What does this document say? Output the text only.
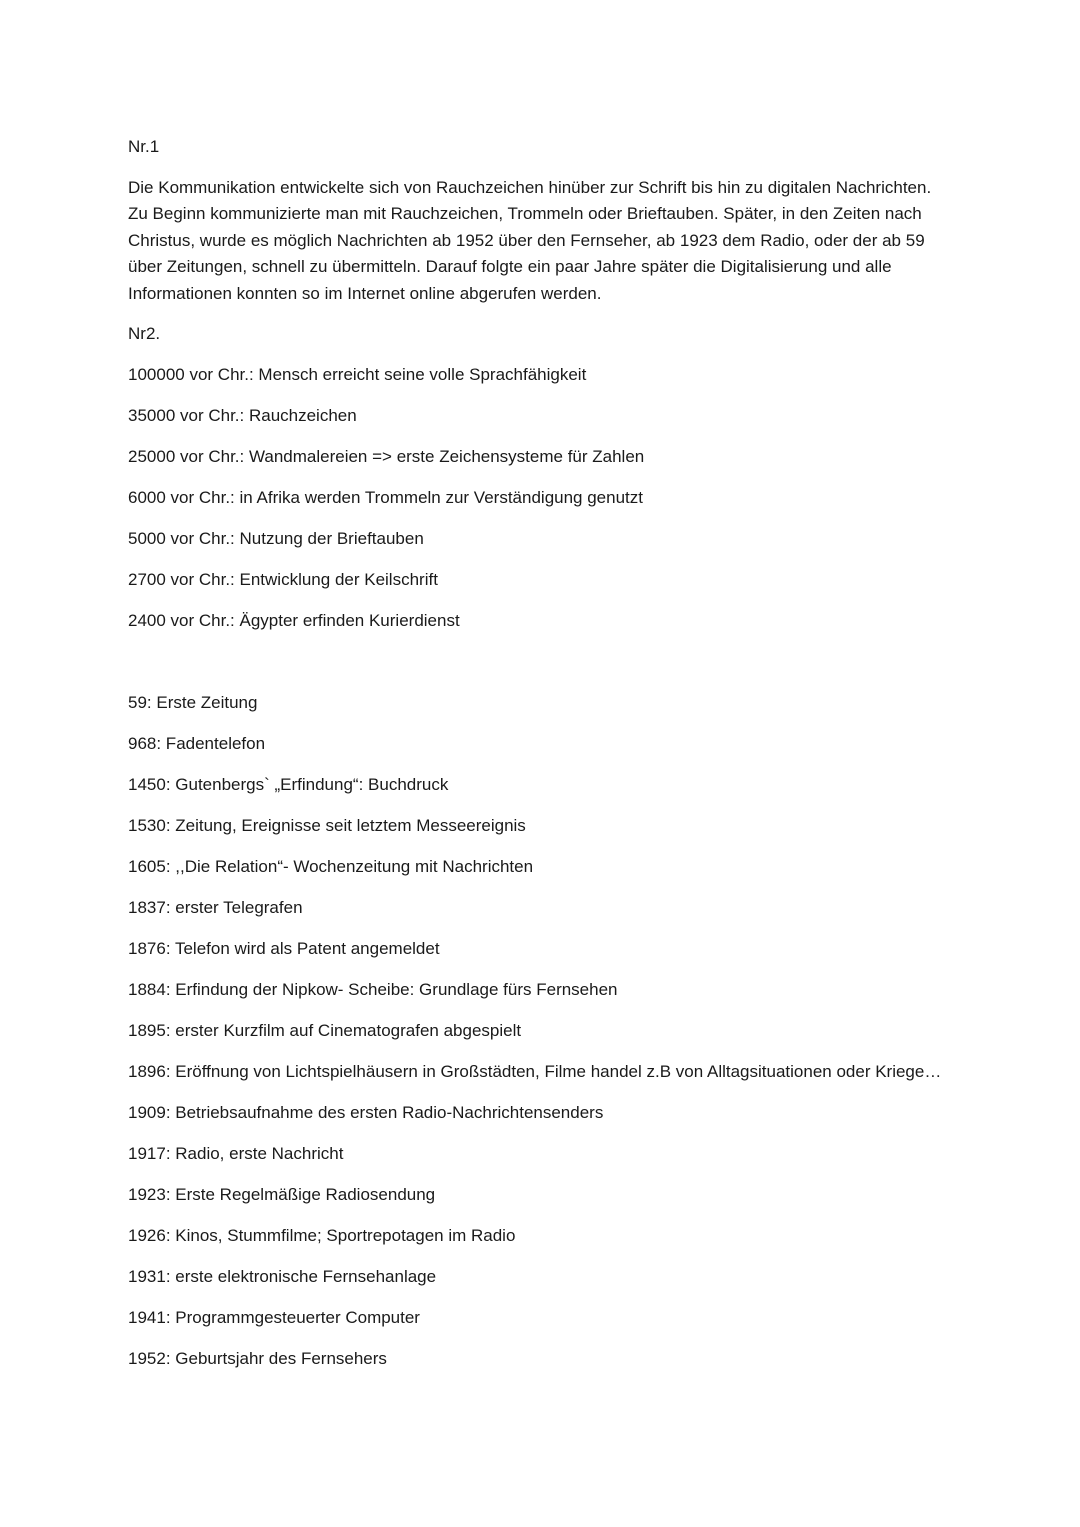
Nr.1
Die Kommunikation entwickelte sich von Rauchzeichen hinüber zur Schrift bis hin zu digitalen Nachrichten. Zu Beginn kommunizierte man mit Rauchzeichen, Trommeln oder Brieftauben. Später, in den Zeiten nach Christus, wurde es möglich Nachrichten ab 1952 über den Fernseher, ab 1923 dem Radio, oder der ab 59 über Zeitungen, schnell zu übermitteln. Darauf folgte ein paar Jahre später die Digitalisierung und alle Informationen konnten so im Internet online abgerufen werden.
Nr2.
100000 vor Chr.: Mensch erreicht seine volle Sprachfähigkeit
35000 vor Chr.: Rauchzeichen
25000 vor Chr.: Wandmalereien => erste Zeichensysteme für Zahlen
6000 vor Chr.: in Afrika werden Trommeln zur Verständigung genutzt
5000 vor Chr.: Nutzung der Brieftauben
2700 vor Chr.: Entwicklung der Keilschrift
2400 vor Chr.: Ägypter erfinden Kurierdienst
59: Erste Zeitung
968: Fadentelefon
1450: Gutenbergs` „Erfindung“: Buchdruck
1530: Zeitung, Ereignisse seit letztem Messeereignis
1605: ,,Die Relation“- Wochenzeitung mit Nachrichten
1837: erster Telegrafen
1876: Telefon wird als Patent angemeldet
1884: Erfindung der Nipkow- Scheibe: Grundlage fürs Fernsehen
1895: erster Kurzfilm auf Cinematografen abgespielt
1896: Eröffnung von Lichtspielhäusern in Großstädten, Filme handel z.B von Alltagsituationen oder Kriege…
1909: Betriebsaufnahme des ersten Radio-Nachrichtensenders
1917: Radio, erste Nachricht
1923: Erste Regelmäßige Radiosendung
1926: Kinos, Stummfilme; Sportrepotagen im Radio
1931: erste elektronische Fernsehanlage
1941: Programmgesteuerter Computer
1952: Geburtsjahr des Fernsehers
